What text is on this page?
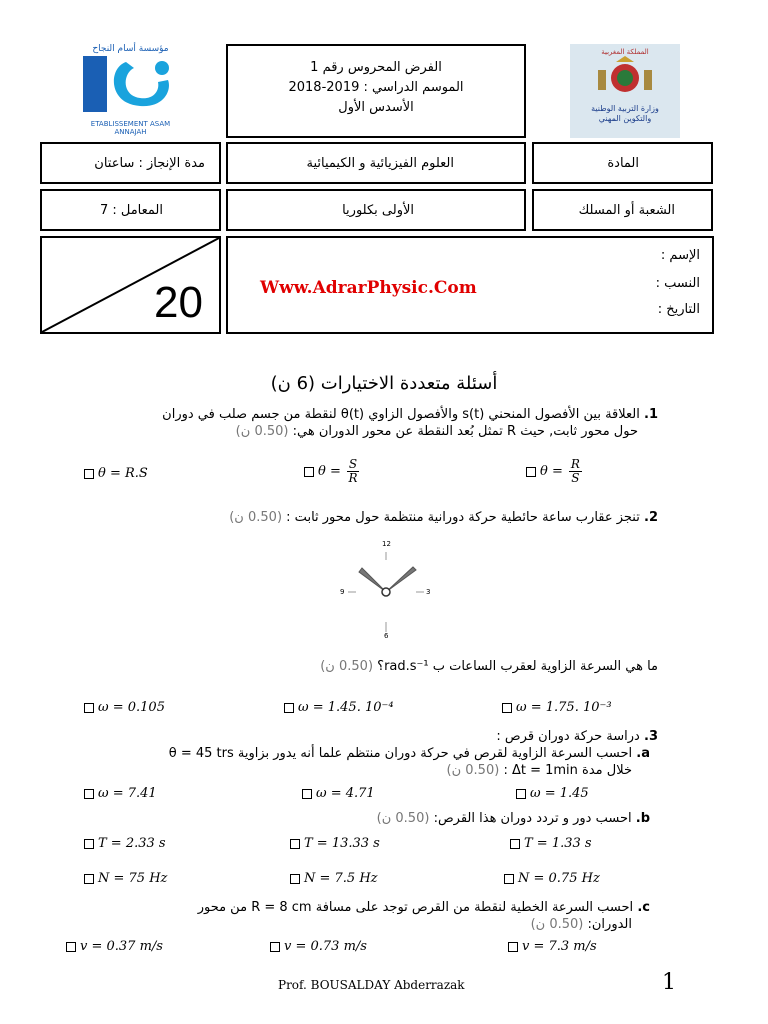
مؤسسة أسام النجاح
ETABLISSEMENT ASAM ANNAJAH
الفرض المحروس رقم 1
الموسم الدراسي : 2019-2018
الأسدس الأول
المملكة المغربية
وزارة التربية الوطنية والتكوين المهني
مدة الإنجاز : ساعتان	العلوم الفيزيائية و الكيميائية	المادة
المعامل : 7	الأولى بكلوريا	الشعبة أو المسلك
20	Www.AdrarPhysic.Com
الإسم :
النسب :
التاريخ :
أسئلة متعددة الاختيارات (6 ن)
1. العلاقة بين الأفصول المنحني s(t) والأفصول الزاوي θ(t) لنقطة من جسم صلب في دوران
حول محور ثابت, حيث R تمثل بُعد النقطة عن محور الدوران هي: (0.50 ن)
θ = R.S	$\theta = \frac{S}{R}$	$\theta = \frac{R}{S}$
2. تنجز عقارب ساعة حائطية حركة دورانية منتظمة حول محور ثابت : (0.50 ن)
12
3
6
9
ما هي السرعة الزاوية لعقرب الساعات ب rad.s⁻¹؟ (0.50 ن)
ω = 0.105	ω = 1.45. 10⁻⁴	ω = 1.75. 10⁻³
3. دراسة حركة دوران قرص :
a. احسب السرعة الزاوية لقرص في حركة دوران منتظم علما أنه يدور بزاوية θ = 45 trs
خلال مدة Δt = 1min : (0.50 ن)
ω = 7.41	ω = 4.71	ω = 1.45
b. احسب دور و تردد دوران هذا القرص: (0.50 ن)
T = 2.33 s	T = 13.33 s	T = 1.33 s
N = 75 Hz	N = 7.5 Hz	N = 0.75 Hz
c. احسب السرعة الخطية لنقطة من القرص توجد على مسافة R = 8 cm من محور
الدوران: (0.50 ن)
v = 0.37 m/s	v = 0.73 m/s	v = 7.3 m/s
Prof. BOUSALDAY Abderrazak	1
